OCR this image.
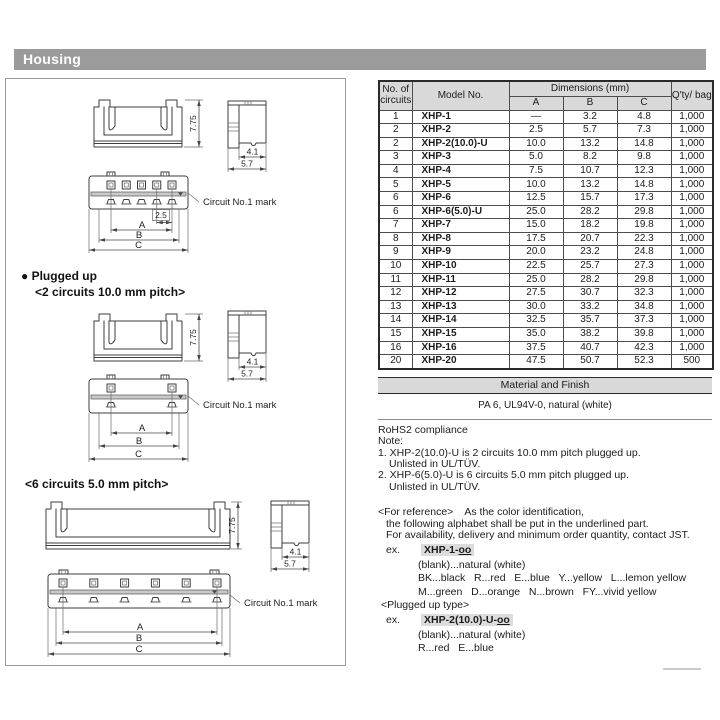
Housing
7.75
4.1
5.7
Circuit No.1 mark
2.5
A
B
C
● Plugged up
<2 circuits 10.0 mm pitch>
7.75
4.1
5.7
Circuit No.1 mark
A
B
C
<6 circuits 5.0 mm pitch>
7.75
4.1
5.7
Circuit No.1 mark
A
B
C
No. of circuits	Model No.	Dimensions (mm)			Q'ty/ bag
		A	B	C	
1	XHP-1	—	3.2	4.8	1,000
2	XHP-2	2.5	5.7	7.3	1,000
2	XHP-2(10.0)-U	10.0	13.2	14.8	1,000
3	XHP-3	5.0	8.2	9.8	1,000
4	XHP-4	7.5	10.7	12.3	1,000
5	XHP-5	10.0	13.2	14.8	1,000
6	XHP-6	12.5	15.7	17.3	1,000
6	XHP-6(5.0)-U	25.0	28.2	29.8	1,000
7	XHP-7	15.0	18.2	19.8	1,000
8	XHP-8	17.5	20.7	22.3	1,000
9	XHP-9	20.0	23.2	24.8	1,000
10	XHP-10	22.5	25.7	27.3	1,000
11	XHP-11	25.0	28.2	29.8	1,000
12	XHP-12	27.5	30.7	32.3	1,000
13	XHP-13	30.0	33.2	34.8	1,000
14	XHP-14	32.5	35.7	37.3	1,000
15	XHP-15	35.0	38.2	39.8	1,000
16	XHP-16	37.5	40.7	42.3	1,000
20	XHP-20	47.5	50.7	52.3	500
Material and Finish
PA 6, UL94V-0, natural (white)
RoHS2 compliance
Note:
1. XHP-2(10.0)-U is 2 circuits 10.0 mm pitch plugged up.
Unlisted in UL/TÜV.
2. XHP-6(5.0)-U is 6 circuits 5.0 mm pitch plugged up.
Unlisted in UL/TÜV.
<For reference>    As the color identification,
the following alphabet shall be put in the underlined part.
For availability, delivery and minimum order quantity, contact JST.
ex. XHP-1-oo
(blank)...natural (white)
BK...black   R...red   E...blue   Y...yellow   L...lemon yellow
M...green   D...orange   N...brown   FY...vivid yellow
<Plugged up type>
ex. XHP-2(10.0)-U-oo
(blank)...natural (white)
R...red   E...blue
